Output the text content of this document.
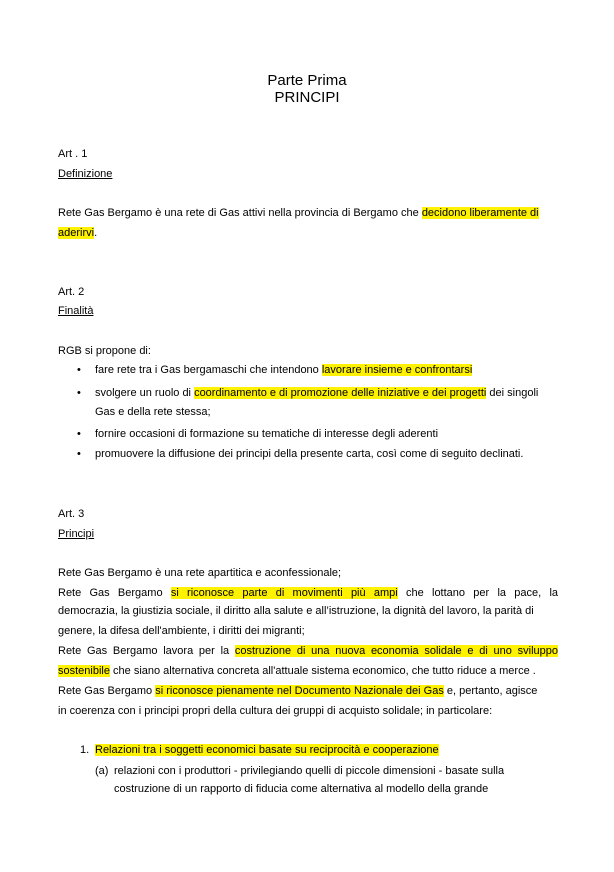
Parte Prima
PRINCIPI
Art . 1
Definizione
Rete Gas Bergamo è una rete di Gas attivi nella provincia di Bergamo che decidono liberamente di
aderirvi.
Art. 2
Finalità
RGB si propone di:
• fare rete tra i Gas bergamaschi che intendono lavorare insieme e confrontarsi
• svolgere un ruolo di coordinamento e di promozione delle iniziative e dei progetti dei singoli
Gas e della rete stessa;
• fornire occasioni di formazione su tematiche di interesse degli aderenti
• promuovere la diffusione dei principi della presente carta, così come di seguito declinati.
Art. 3
Principi
Rete Gas Bergamo è una rete apartitica e aconfessionale;
Rete Gas Bergamo si riconosce parte di movimenti più ampi che lottano per la pace, la
democrazia, la giustizia sociale, il diritto alla salute e all’istruzione, la dignità del lavoro, la parità di
genere, la difesa dell'ambiente, i diritti dei migranti;
Rete Gas Bergamo lavora per la costruzione di una nuova economia solidale e di uno sviluppo
sostenibile che siano alternativa concreta all'attuale sistema economico, che tutto riduce a merce .
Rete Gas Bergamo si riconosce pienamente nel Documento Nazionale dei Gas e, pertanto, agisce
in coerenza con i principi propri della cultura dei gruppi di acquisto solidale; in particolare:
1. Relazioni tra i soggetti economici basate su reciprocità e cooperazione
(a) relazioni con i produttori - privilegiando quelli di piccole dimensioni - basate sulla
costruzione di un rapporto di fiducia come alternativa al modello della grande
